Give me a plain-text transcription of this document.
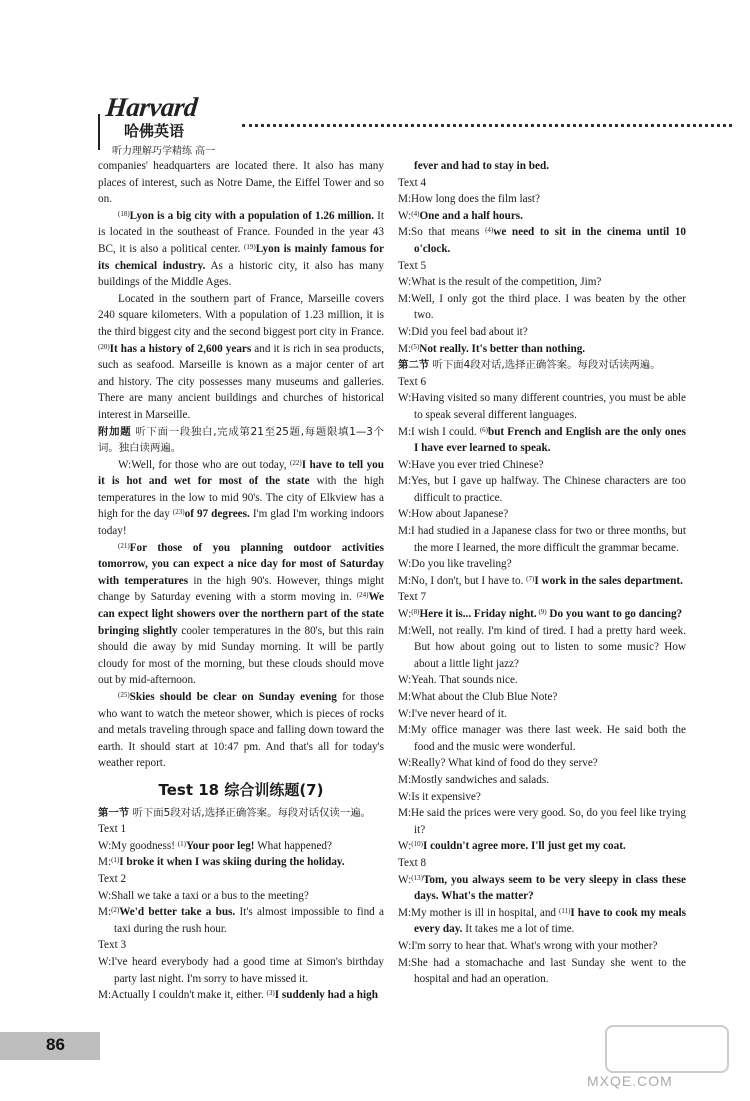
Harvard
哈佛英语
听力理解巧学精练 高一

companies' headquarters are located there. It also has many places of interest, such as Notre Dame, the Eiffel Tower and so on.

$^{(18)}$Lyon is a big city with a population of 1.26 million. It is located in the southeast of France. Founded in the year 43 BC, it is also a political center. $^{(19)}$Lyon is mainly famous for its chemical industry. As a historic city, it also has many buildings of the Middle Ages.

Located in the southern part of France, Marseille covers 240 square kilometers. With a population of 1.23 million, it is the third biggest city and the second biggest port city in France. $^{(20)}$It has a history of 2,600 years and it is rich in sea products, such as seafood. Marseille is known as a major center of art and history. The city possesses many museums and galleries. There are many ancient buildings and churches of historical interest in Marseille.

附加题 听下面一段独白,完成第21至25题,每题限填1—3个词。独白读两遍。

W:Well, for those who are out today, $^{(22)}$I have to tell you it is hot and wet for most of the state with the high temperatures in the low to mid 90's. The city of Elkview has a high for the day $^{(23)}$of 97 degrees. I'm glad I'm working indoors today!

$^{(21)}$For those of you planning outdoor activities tomorrow, you can expect a nice day for most of Saturday with temperatures in the high 90's. However, things might change by Saturday evening with a storm moving in. $^{(24)}$We can expect light showers over the northern part of the state bringing slightly cooler temperatures in the 80's, but this rain should die away by mid Sunday morning. It will be partly cloudy for most of the morning, but these clouds should move out by mid-afternoon.

$^{(25)}$Skies should be clear on Sunday evening for those who want to watch the meteor shower, which is pieces of rocks and metals traveling through space and falling down toward the earth. It should start at 10:47 pm. And that's all for today's weather report.

Test 18 综合训练题(7)

第一节 听下面5段对话,选择正确答案。每段对话仅读一遍。

Text 1

W:My goodness! $^{(1)}$Your poor leg! What happened?

M:$^{(1)}$I broke it when I was skiing during the holiday.

Text 2

W:Shall we take a taxi or a bus to the meeting?

M:$^{(2)}$We'd better take a bus. It's almost impossible to find a taxi during the rush hour.

Text 3

W:I've heard everybody had a good time at Simon's birthday party last night. I'm sorry to have missed it.

M:Actually I couldn't make it, either. $^{(3)}$I suddenly had a high

fever and had to stay in bed.

Text 4

M:How long does the film last?

W:$^{(4)}$One and a half hours.

M:So that means $^{(4)}$we need to sit in the cinema until 10 o'clock.

Text 5

W:What is the result of the competition, Jim?

M:Well, I only got the third place. I was beaten by the other two.

W:Did you feel bad about it?

M:$^{(5)}$Not really. It's better than nothing.

第二节 听下面4段对话,选择正确答案。每段对话读两遍。

Text 6

W:Having visited so many different countries, you must be able to speak several different languages.

M:I wish I could. $^{(6)}$but French and English are the only ones I have ever learned to speak.

W:Have you ever tried Chinese?

M:Yes, but I gave up halfway. The Chinese characters are too difficult to practice.

W:How about Japanese?

M:I had studied in a Japanese class for two or three months, but the more I learned, the more difficult the grammar became.

W:Do you like traveling?

M:No, I don't, but I have to. $^{(7)}$I work in the sales department.

Text 7

W:$^{(8)}$Here it is... Friday night. $^{(9)}$ Do you want to go dancing?

M:Well, not really. I'm kind of tired. I had a pretty hard week. But how about going out to listen to some music? How about a little light jazz?

W:Yeah. That sounds nice.

M:What about the Club Blue Note?

W:I've never heard of it.

M:My office manager was there last week. He said both the food and the music were wonderful.

W:Really? What kind of food do they serve?

M:Mostly sandwiches and salads.

W:Is it expensive?

M:He said the prices were very good. So, do you feel like trying it?

W:$^{(10)}$I couldn't agree more. I'll just get my coat.

Text 8

W:$^{(13)}$Tom, you always seem to be very sleepy in class these days. What's the matter?

M:My mother is ill in hospital, and $^{(11)}$I have to cook my meals every day. It takes me a lot of time.

W:I'm sorry to hear that. What's wrong with your mother?

M:She had a stomachache and last Sunday she went to the hospital and had an operation.

86
MXQE.COM
